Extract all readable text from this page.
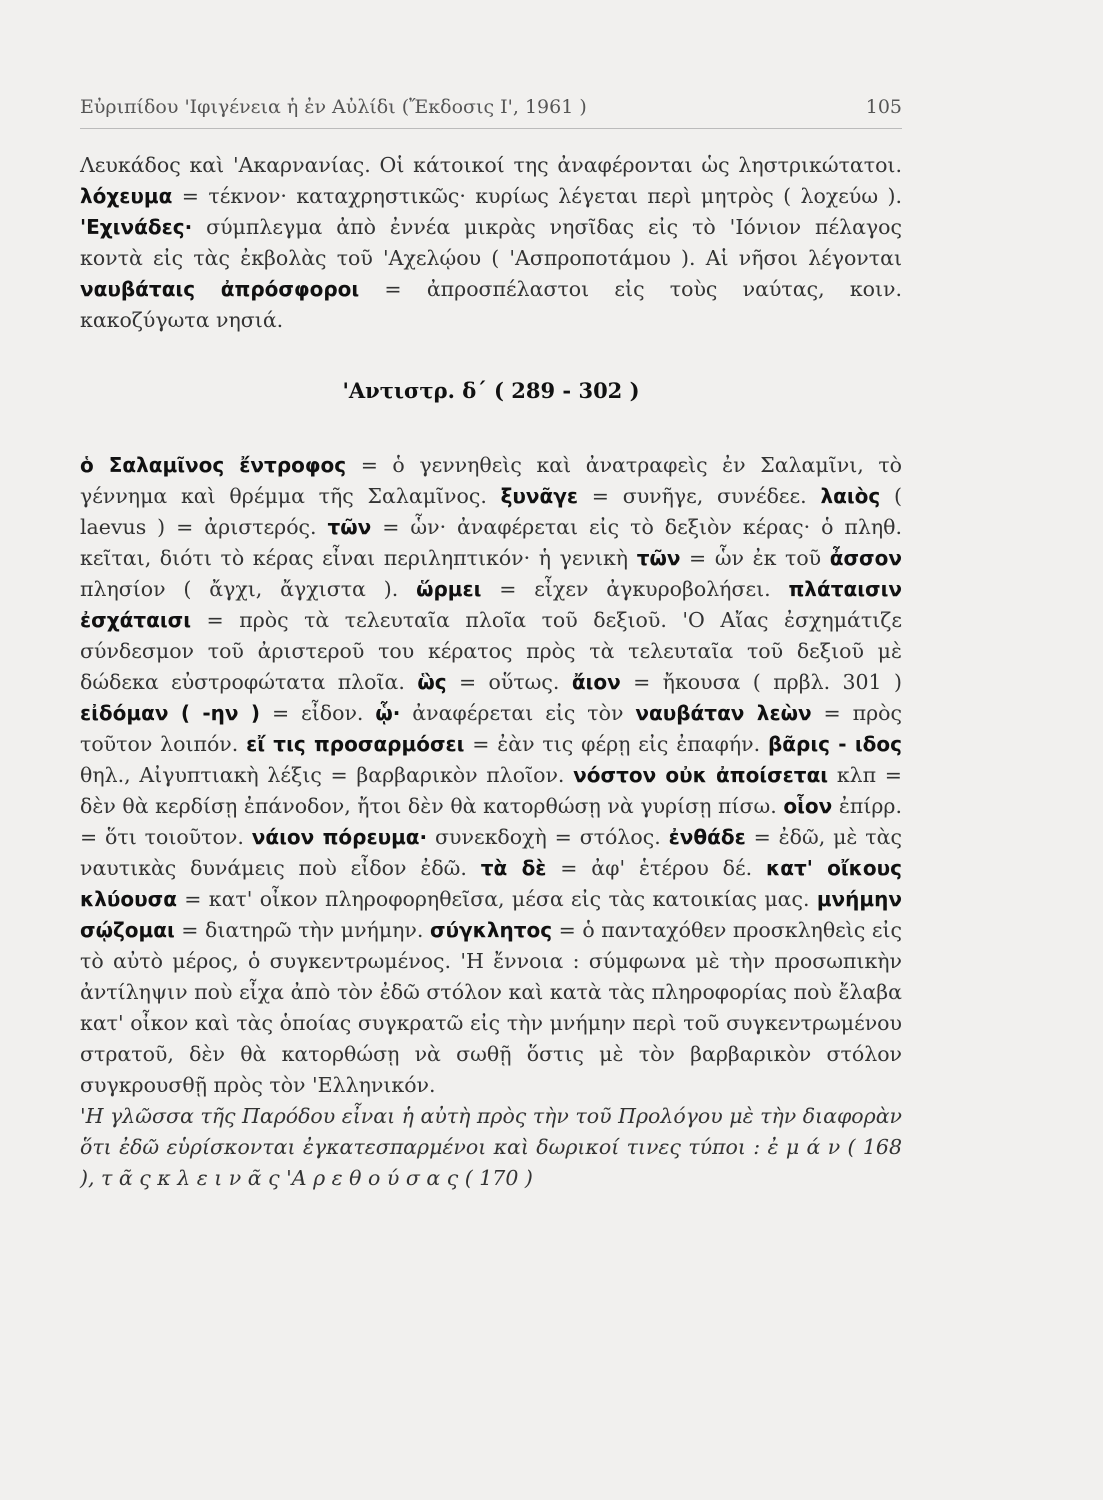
Εὐριπίδου 'Ιφιγένεια ἡ ἐν Αὐλίδι (Ἔκδοσις Ι', 1961 )	105

Λευκάδος καὶ 'Ακαρνανίας. Οἱ κάτοικοί της ἀναφέρονται ὡς ληστρικώτατοι. λόχευμα = τέκνον· καταχρηστικῶς· κυρίως λέγεται περὶ μητρὸς ( λοχεύω ). 'Εχινάδες· σύμπλεγμα ἀπὸ ἐννέα μικρὰς νησῖδας εἰς τὸ 'Ιόνιον πέλαγος κοντὰ εἰς τὰς ἐκβολὰς τοῦ 'Αχελῴου ( 'Ασπροποτάμου ). Αἱ νῆσοι λέγονται ναυβάταις ἀπρόσφοροι = ἀπροσπέλαστοι εἰς τοὺς ναύτας, κοιν. κακοζύγωτα νησιά.

'Αντιστρ. δ΄ ( 289 - 302 )

ὁ Σαλαμῖνος ἔντροφος = ὁ γεννηθεὶς καὶ ἀνατραφεὶς ἐν Σαλαμῖνι, τὸ γέννημα καὶ θρέμμα τῆς Σαλαμῖνος. ξυνᾶγε = συνῆγε, συνέδεε. λαιὸς ( laevus ) = ἀριστερός. τῶν = ὧν· ἀναφέρεται εἰς τὸ δεξιὸν κέρας· ὁ πληθ. κεῖται, διότι τὸ κέρας εἶναι περιληπτικόν· ἡ γενικὴ τῶν = ὧν ἐκ τοῦ ἆσσον πλησίον ( ἄγχι, ἄγχιστα ). ὥρμει = εἶχεν ἀγκυροβολήσει. πλάταισιν ἐσχάταισι = πρὸς τὰ τελευταῖα πλοῖα τοῦ δεξιοῦ. 'Ο Αἴας ἐσχημάτιζε σύνδεσμον τοῦ ἀριστεροῦ του κέρατος πρὸς τὰ τελευταῖα τοῦ δεξιοῦ μὲ δώδεκα εὐστροφώτατα πλοῖα. ὣς = οὕτως. ἄιον = ἤκουσα ( πρβλ. 301 ) εἰδόμαν ( -ην ) = εἶδον. ᾧ· ἀναφέρεται εἰς τὸν ναυβάταν λεὼν = πρὸς τοῦτον λοιπόν. εἴ τις προσαρμόσει = ἐὰν τις φέρῃ εἰς ἐπαφήν. βᾶρις - ιδος θηλ., Αἰγυπτιακὴ λέξις = βαρβαρικὸν πλοῖον. νόστον οὐκ ἀποίσεται κλπ = δὲν θὰ κερδίσῃ ἐπάνοδον, ἤτοι δὲν θὰ κατορθώσῃ νὰ γυρίσῃ πίσω. οἷον ἐπίρρ. = ὅτι τοιοῦτον. νάιον πόρευμα· συνεκδοχὴ = στόλος. ἐνθάδε = ἐδῶ, μὲ τὰς ναυτικὰς δυνάμεις ποὺ εἶδον ἐδῶ. τὰ δὲ = ἀφ' ἑτέρου δέ. κατ' οἴκους κλύουσα = κατ' οἶκον πληροφορηθεῖσα, μέσα εἰς τὰς κατοικίας μας. μνήμην σῴζομαι = διατηρῶ τὴν μνήμην. σύγκλητος = ὁ πανταχόθεν προσκληθεὶς εἰς τὸ αὐτὸ μέρος, ὁ συγκεντρωμένος. 'Η ἔννοια : σύμφωνα μὲ τὴν προσωπικὴν ἀντίληψιν ποὺ εἶχα ἀπὸ τὸν ἐδῶ στόλον καὶ κατὰ τὰς πληροφορίας ποὺ ἔλαβα κατ' οἶκον καὶ τὰς ὁποίας συγκρατῶ εἰς τὴν μνήμην περὶ τοῦ συγκεντρωμένου στρατοῦ, δὲν θὰ κατορθώσῃ νὰ σωθῇ ὅστις μὲ τὸν βαρβαρικὸν στόλον συγκρουσθῇ πρὸς τὸν 'Ελληνικόν.

'Η γλῶσσα τῆς Παρόδου εἶναι ἡ αὐτὴ πρὸς τὴν τοῦ Προλόγου μὲ τὴν διαφορὰν ὅτι ἐδῶ εὑρίσκονται ἐγκατεσπαρμένοι καὶ δωρικοί τινες τύποι : ἐ μ ά ν ( 168 ), τ ᾶ ς κ λ ε ι ν ᾶ ς 'Α ρ ε θ ο ύ σ α ς ( 170 )
